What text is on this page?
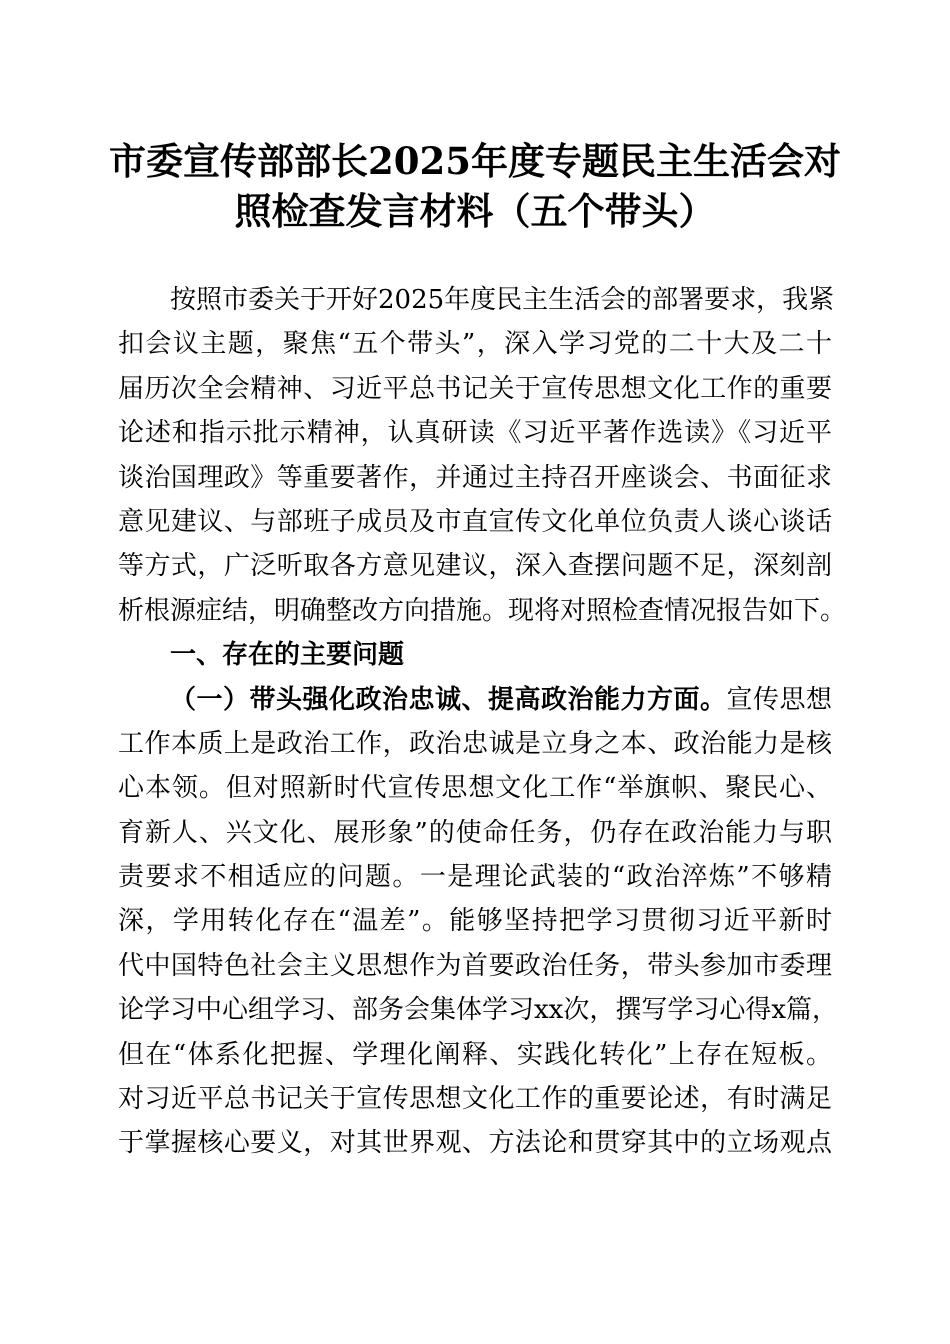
市委宣传部部长2025年度专题民主生活会对
照检查发言材料（五个带头）
按照市委关于开好2025年度民主生活会的部署要求，我紧
扣会议主题，聚焦“五个带头”，深入学习党的二十大及二十
届历次全会精神、习近平总书记关于宣传思想文化工作的重要
论述和指示批示精神，认真研读《习近平著作选读》《习近平
谈治国理政》等重要著作，并通过主持召开座谈会、书面征求
意见建议、与部班子成员及市直宣传文化单位负责人谈心谈话
等方式，广泛听取各方意见建议，深入查摆问题不足，深刻剖
析根源症结，明确整改方向措施。现将对照检查情况报告如下。
一、存在的主要问题
（一）带头强化政治忠诚、提高政治能力方面。宣传思想
工作本质上是政治工作，政治忠诚是立身之本、政治能力是核
心本领。但对照新时代宣传思想文化工作“举旗帜、聚民心、
育新人、兴文化、展形象”的使命任务，仍存在政治能力与职
责要求不相适应的问题。一是理论武装的“政治淬炼”不够精
深，学用转化存在“温差”。能够坚持把学习贯彻习近平新时
代中国特色社会主义思想作为首要政治任务，带头参加市委理
论学习中心组学习、部务会集体学习xx次，撰写学习心得x篇，
但在“体系化把握、学理化阐释、实践化转化”上存在短板。
对习近平总书记关于宣传思想文化工作的重要论述，有时满足
于掌握核心要义，对其世界观、方法论和贯穿其中的立场观点
